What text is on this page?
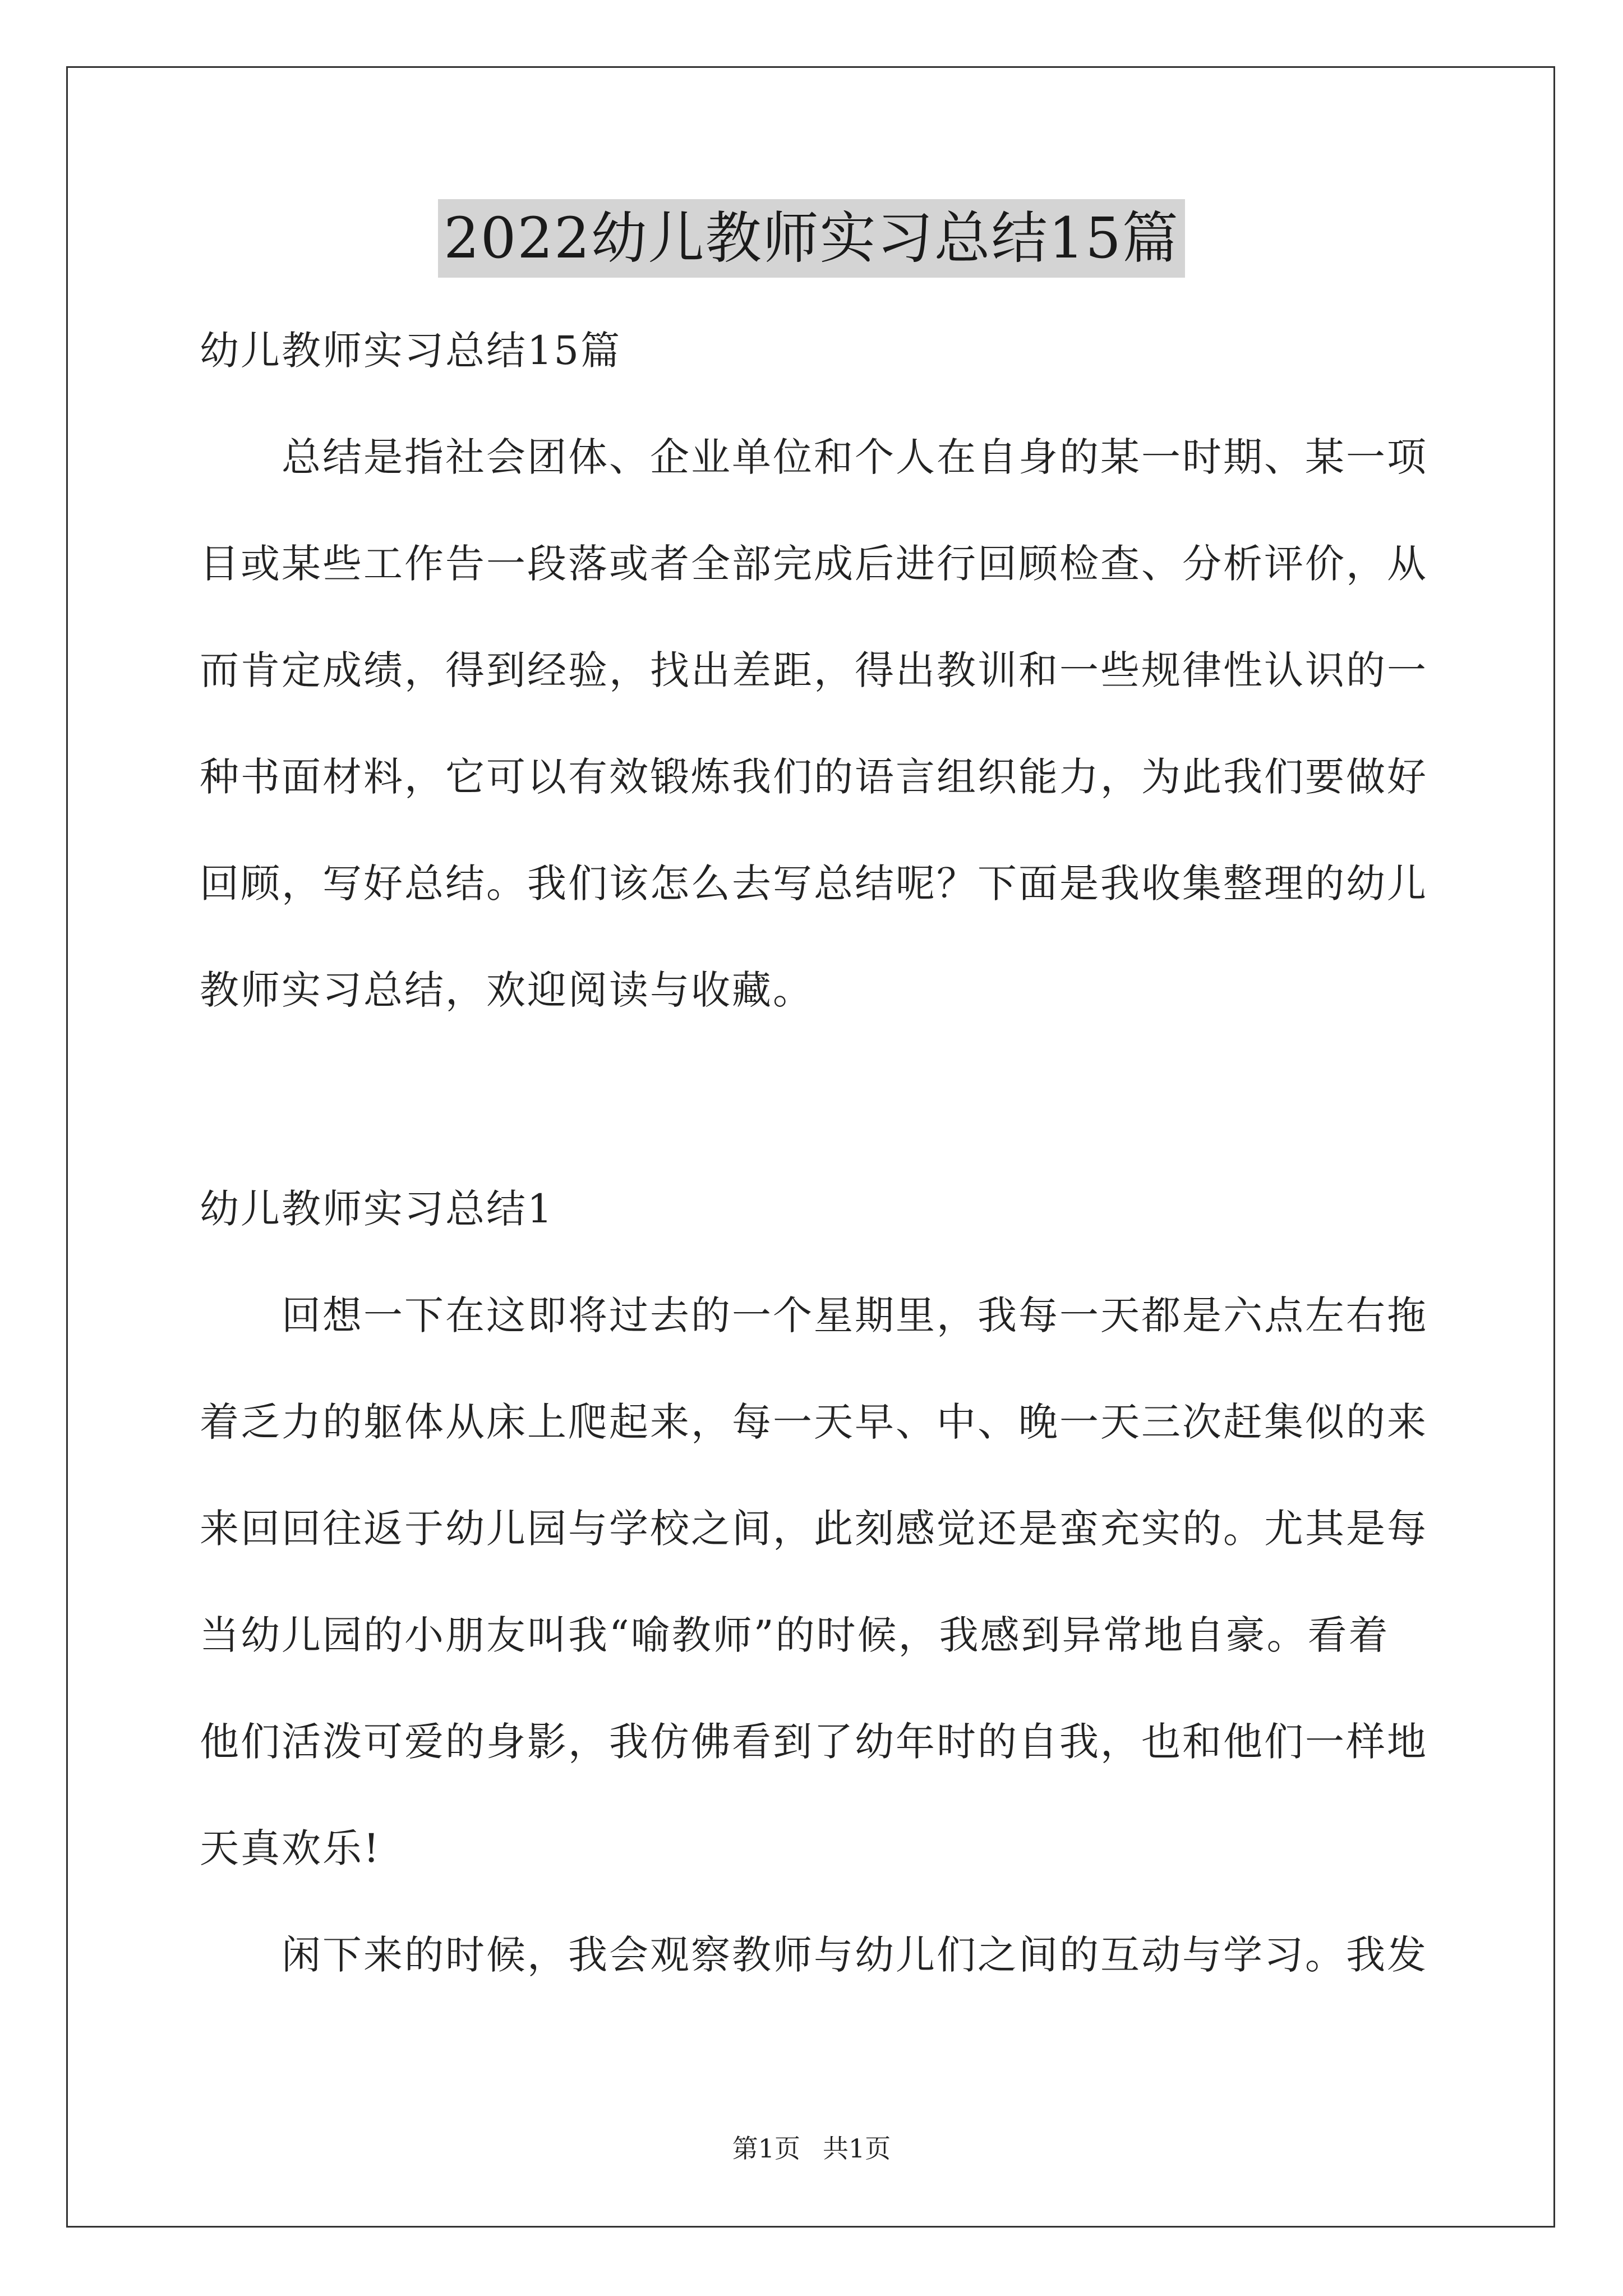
2022幼儿教师实习总结15篇
幼儿教师实习总结15篇
总结是指社会团体、企业单位和个人在自身的某一时期、某一项
目或某些工作告一段落或者全部完成后进行回顾检查、分析评价，从
而肯定成绩，得到经验，找出差距，得出教训和一些规律性认识的一
种书面材料，它可以有效锻炼我们的语言组织能力，为此我们要做好
回顾，写好总结。我们该怎么去写总结呢？下面是我收集整理的幼儿
教师实习总结，欢迎阅读与收藏。
幼儿教师实习总结1
回想一下在这即将过去的一个星期里，我每一天都是六点左右拖
着乏力的躯体从床上爬起来，每一天早、中、晚一天三次赶集似的来
来回回往返于幼儿园与学校之间，此刻感觉还是蛮充实的。尤其是每
当幼儿园的小朋友叫我“喻教师”的时候，我感到异常地自豪。看着
他们活泼可爱的身影，我仿佛看到了幼年时的自我，也和他们一样地
天真欢乐!
闲下来的时候，我会观察教师与幼儿们之间的互动与学习。我发
第1页 共1页
